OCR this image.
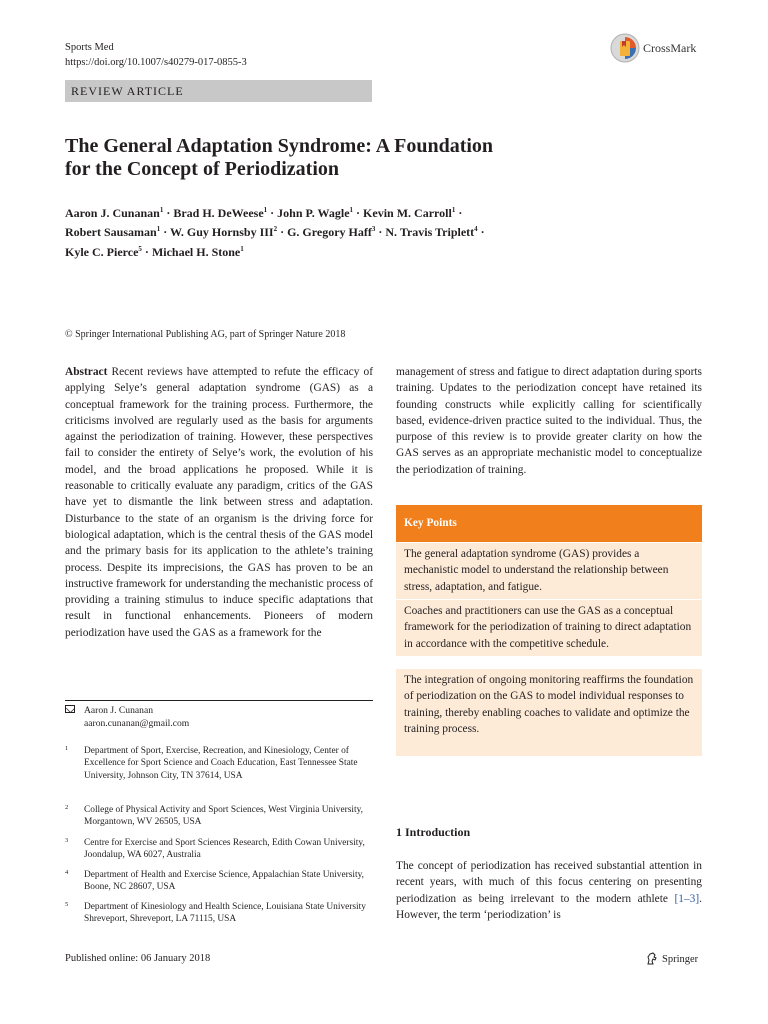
Sports Med
https://doi.org/10.1007/s40279-017-0855-3
CrossMark
REVIEW ARTICLE
The General Adaptation Syndrome: A Foundation
for the Concept of Periodization
Aaron J. Cunanan$^1$ · Brad H. DeWeese$^1$ · John P. Wagle$^1$ · Kevin M. Carroll$^1$ ·
Robert Sausaman$^1$ · W. Guy Hornsby $III^2 \cdot G$. Gregory Haff$^3$ · N. Travis Triplett$^4$ ·
Kyle C. Pierce$^5$ · Michael H. Stone$^1$
© Springer International Publishing AG, part of Springer Nature 2018
Abstract Recent reviews have attempted to refute the efficacy of applying Selye’s general adaptation syndrome (GAS) as a conceptual framework for the training process. Furthermore, the criticisms involved are regularly used as the basis for arguments against the periodization of training. However, these perspectives fail to consider the entirety of Selye’s work, the evolution of his model, and the broad applications he proposed. While it is reasonable to critically evaluate any paradigm, critics of the GAS have yet to dismantle the link between stress and adaptation. Disturbance to the state of an organism is the driving force for biological adaptation, which is the central thesis of the GAS model and the primary basis for its application to the athlete’s training process. Despite its imprecisions, the GAS has proven to be an instructive framework for understanding the mechanistic process of providing a training stimulus to induce specific adaptations that result in functional enhancements. Pioneers of modern periodization have used the GAS as a framework for the
management of stress and fatigue to direct adaptation during sports training. Updates to the periodization concept have retained its founding constructs while explicitly calling for scientifically based, evidence-driven practice suited to the individual. Thus, the purpose of this review is to provide greater clarity on how the GAS serves as an appropriate mechanistic model to conceptualize the periodization of training.
Key Points
The general adaptation syndrome (GAS) provides a mechanistic model to understand the relationship between stress, adaptation, and fatigue.
Coaches and practitioners can use the GAS as a conceptual framework for the periodization of training to direct adaptation in accordance with the competitive schedule.
The integration of ongoing monitoring reaffirms the foundation of periodization on the GAS to model individual responses to training, thereby enabling coaches to validate and optimize the training process.
Aaron J. Cunanan
aaron.cunanan@gmail.com
1 Department of Sport, Exercise, Recreation, and Kinesiology, Center of Excellence for Sport Science and Coach Education, East Tennessee State University, Johnson City, TN 37614, USA
2 College of Physical Activity and Sport Sciences, West Virginia University, Morgantown, WV 26505, USA
3 Centre for Exercise and Sport Sciences Research, Edith Cowan University, Joondalup, WA 6027, Australia
4 Department of Health and Exercise Science, Appalachian State University, Boone, NC 28607, USA
5 Department of Kinesiology and Health Science, Louisiana State University Shreveport, Shreveport, LA 71115, USA
1 Introduction
The concept of periodization has received substantial attention in recent years, with much of this focus centering on presenting periodization as being irrelevant to the modern athlete [1–3]. However, the term ‘periodization’ is
Published online: 06 January 2018	Springer
